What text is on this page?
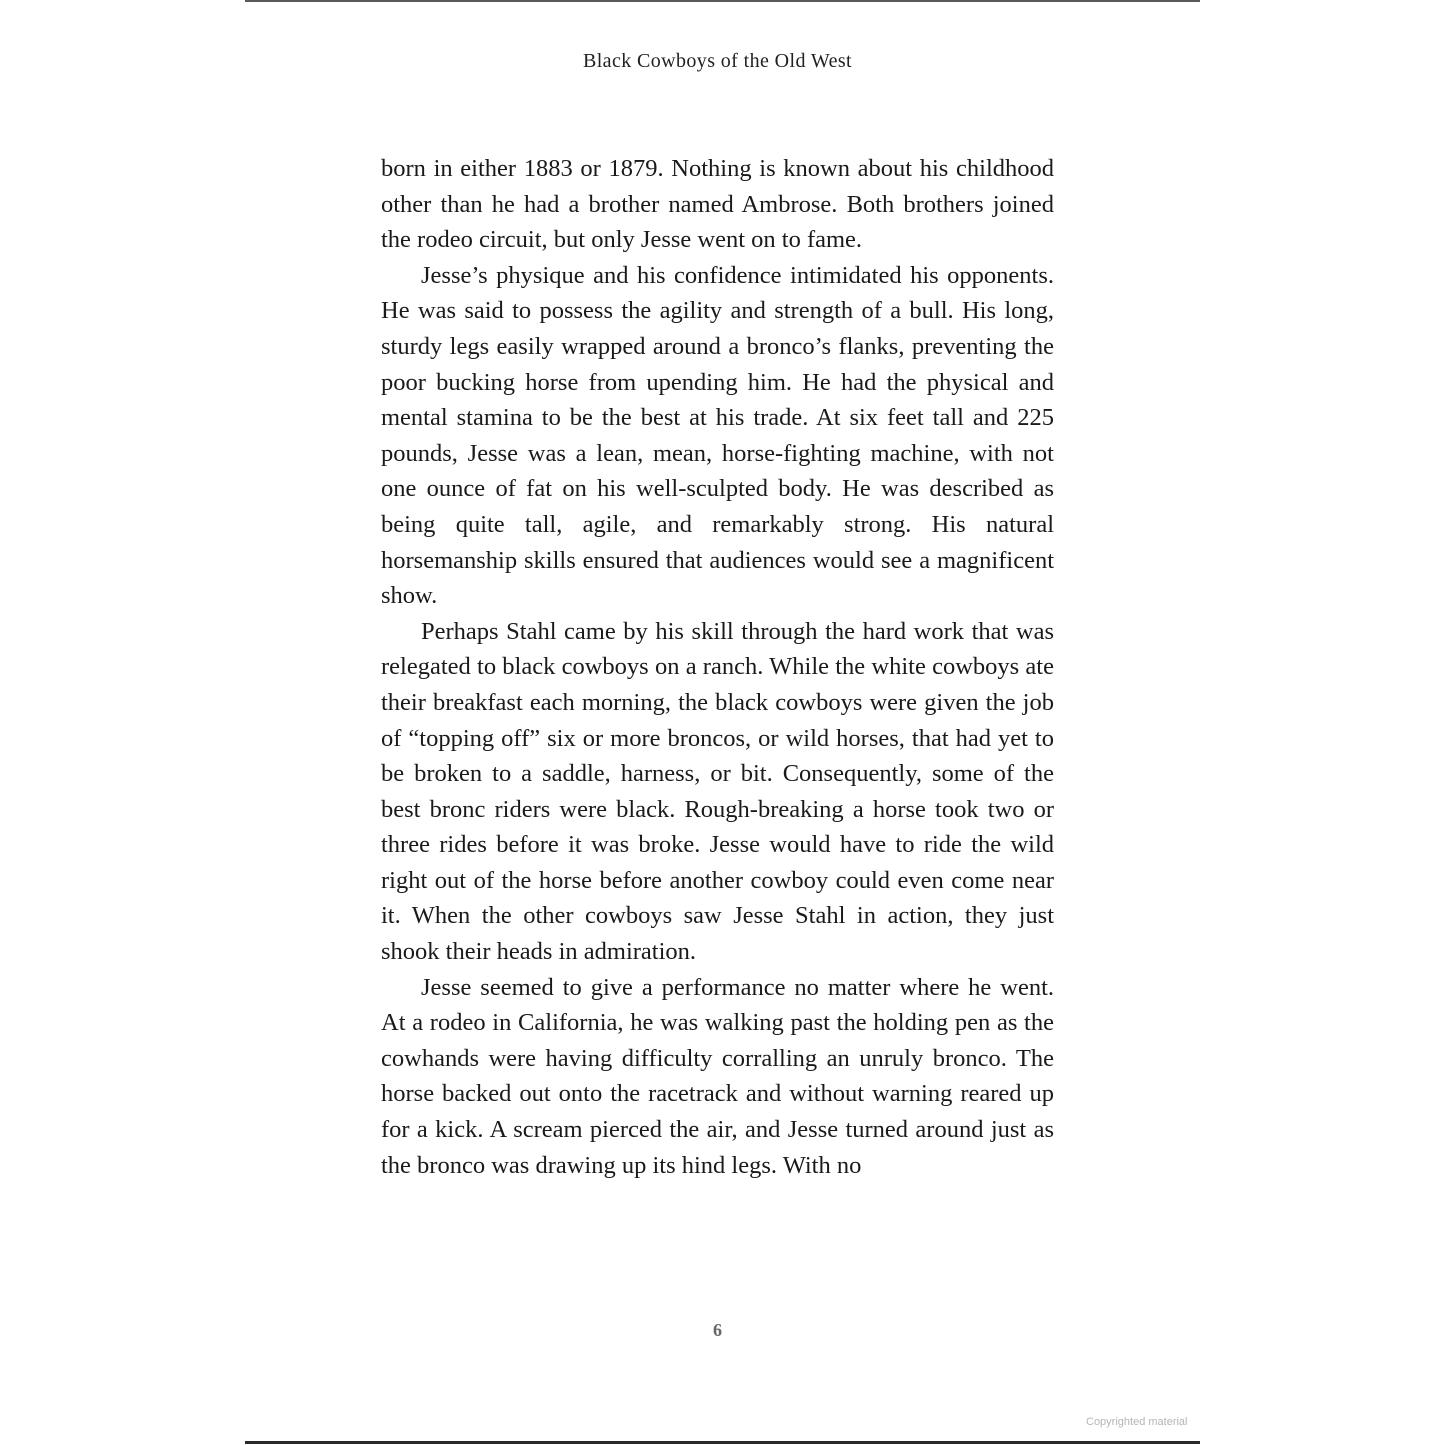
Black Cowboys of the Old West

born in either 1883 or 1879. Nothing is known about his childhood other than he had a brother named Ambrose. Both brothers joined the rodeo circuit, but only Jesse went on to fame.

Jesse’s physique and his confidence intimidated his opponents. He was said to possess the agility and strength of a bull. His long, sturdy legs easily wrapped around a bronco’s flanks, preventing the poor bucking horse from upending him. He had the physical and mental stamina to be the best at his trade. At six feet tall and 225 pounds, Jesse was a lean, mean, horse-fighting machine, with not one ounce of fat on his well-sculpted body. He was described as being quite tall, agile, and remarkably strong. His natural horsemanship skills ensured that audiences would see a magnificent show.

Perhaps Stahl came by his skill through the hard work that was relegated to black cowboys on a ranch. While the white cowboys ate their breakfast each morning, the black cowboys were given the job of “topping off” six or more broncos, or wild horses, that had yet to be broken to a saddle, harness, or bit. Consequently, some of the best bronc riders were black. Rough-breaking a horse took two or three rides before it was broke. Jesse would have to ride the wild right out of the horse before another cowboy could even come near it. When the other cowboys saw Jesse Stahl in action, they just shook their heads in admiration.

Jesse seemed to give a performance no matter where he went. At a rodeo in California, he was walking past the holding pen as the cowhands were having difficulty corralling an unruly bronco. The horse backed out onto the racetrack and without warning reared up for a kick. A scream pierced the air, and Jesse turned around just as the bronco was drawing up its hind legs. With no

6
Copyrighted material
